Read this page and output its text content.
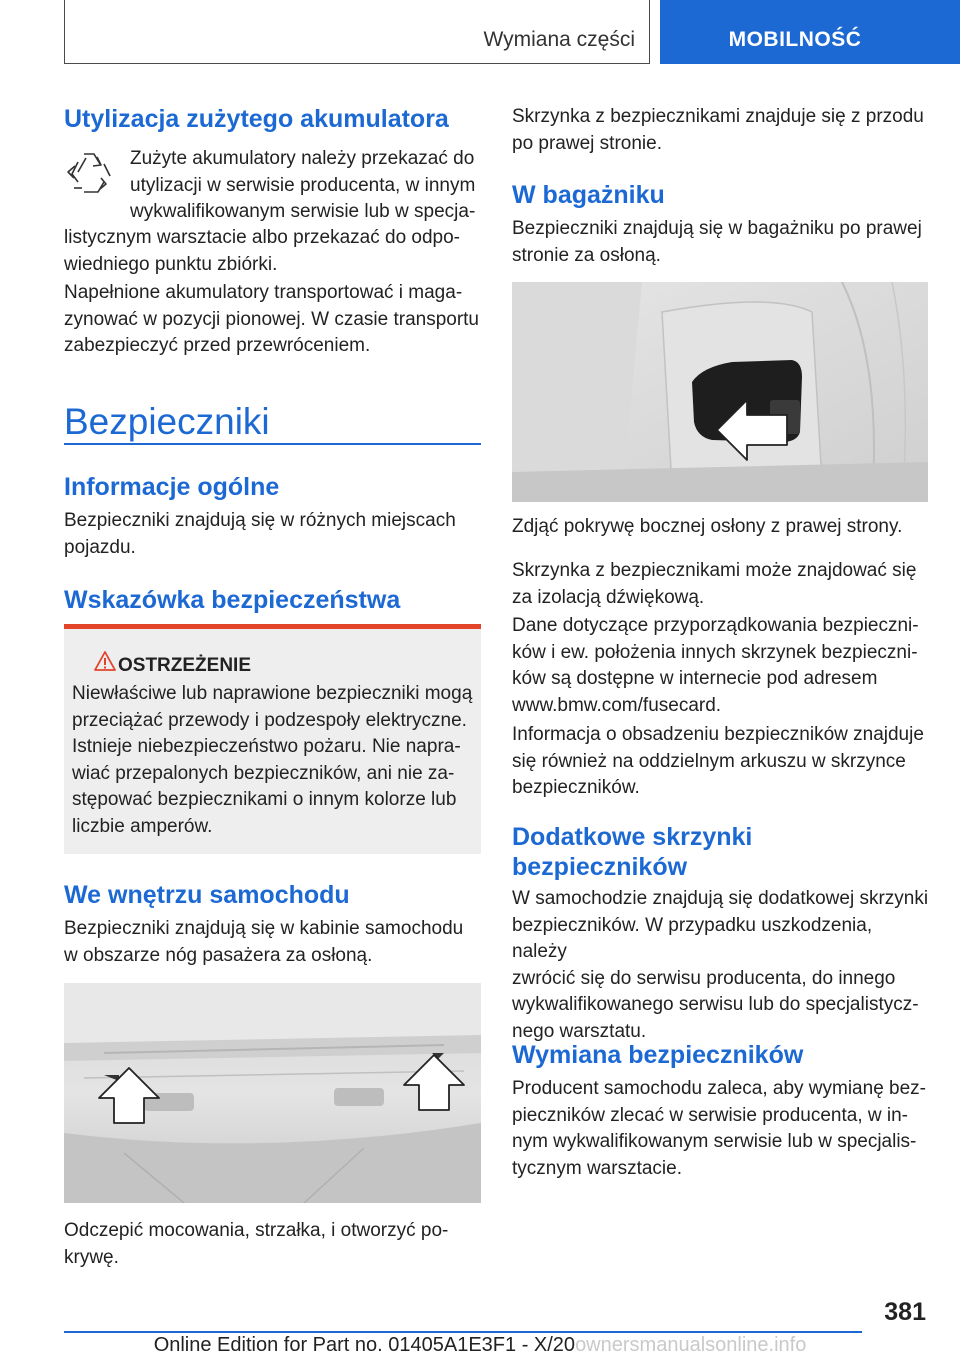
Wymiana części	MOBILNOŚĆ
Utylizacja zużytego akumulatora

Zużyte akumulatory należy przekazać do

utylizacji w serwisie producenta, w innym

wykwalifikowanym serwisie lub w specja-

listycznym warsztacie albo przekazać do odpo-

wiedniego punktu zbiórki.

Napełnione akumulatory transportować i maga-

zynować w pozycji pionowej. W czasie transportu

zabezpieczyć przed przewróceniem.

Bezpieczniki
Informacje ogólne

Bezpieczniki znajdują się w różnych miejscach

pojazdu.

Wskazówka bezpieczeństwa
OSTRZEŻENIE

Niewłaściwe lub naprawione bezpieczniki mogą

przeciążać przewody i podzespoły elektryczne.

Istnieje niebezpieczeństwo pożaru. Nie napra-

wiać przepalonych bezpieczników, ani nie za-

stępować bezpiecznikami o innym kolorze lub

liczbie amperów.

We wnętrzu samochodu

Bezpieczniki znajdują się w kabinie samochodu

w obszarze nóg pasażera za osłoną.

Odczepić mocowania, strzałka, i otworzyć po-

krywę.

Skrzynka z bezpiecznikami znajduje się z przodu

po prawej stronie.

W bagażniku

Bezpieczniki znajdują się w bagażniku po prawej

stronie za osłoną.

Zdjąć pokrywę bocznej osłony z prawej strony.

Skrzynka z bezpiecznikami może znajdować się

za izolacją dźwiękową.

Dane dotyczące przyporządkowania bezpieczni-

ków i ew. położenia innych skrzynek bezpieczni-

ków są dostępne w internecie pod adresem

www.bmw.com/fusecard.

Informacja o obsadzeniu bezpieczników znajduje

się również na oddzielnym arkuszu w skrzynce

bezpieczników.

Dodatkowe skrzynki
bezpieczników

W samochodzie znajdują się dodatkowej skrzynki

bezpieczników. W przypadku uszkodzenia, należy

zwrócić się do serwisu producenta, do innego

wykwalifikowanego serwisu lub do specjalistycz-

nego warsztatu.

Wymiana bezpieczników

Producent samochodu zaleca, aby wymianę bez-

pieczników zlecać w serwisie producenta, w in-

nym wykwalifikowanym serwisie lub w specjalis-

tycznym warsztacie.

381
Online Edition for Part no. 01405A1E3F1 - X/20ownersmanualsonline.info
